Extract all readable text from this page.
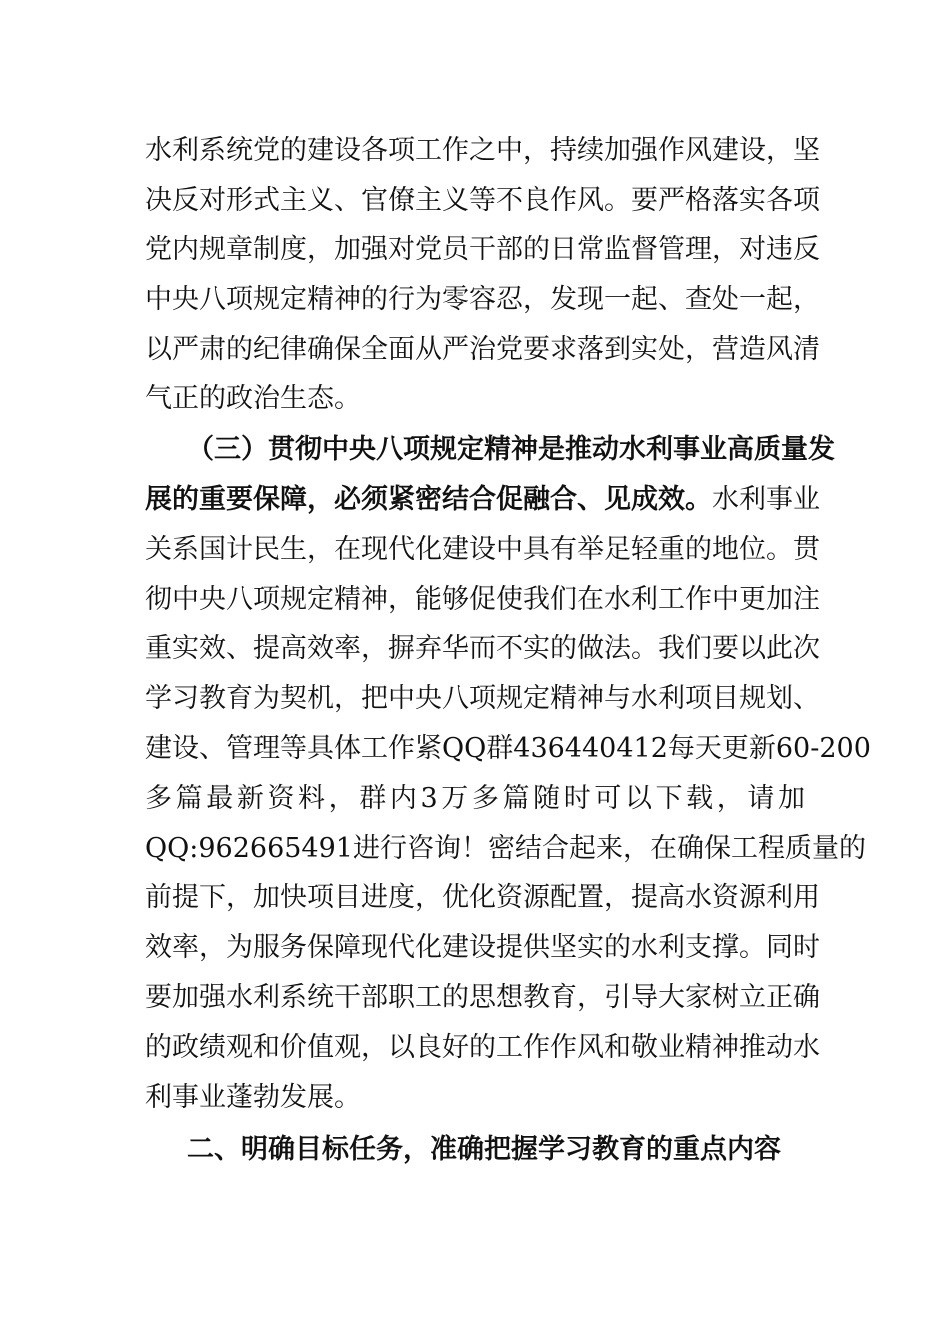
水利系统党的建设各项工作之中，持续加强作风建设，坚
决反对形式主义、官僚主义等不良作风。要严格落实各项
党内规章制度，加强对党员干部的日常监督管理，对违反
中央八项规定精神的行为零容忍，发现一起、查处一起，
以严肃的纪律确保全面从严治党要求落到实处，营造风清
气正的政治生态。
（三）贯彻中央八项规定精神是推动水利事业高质量发
展的重要保障，必须紧密结合促融合、见成效。水利事业
关系国计民生，在现代化建设中具有举足轻重的地位。贯
彻中央八项规定精神，能够促使我们在水利工作中更加注
重实效、提高效率，摒弃华而不实的做法。我们要以此次
学习教育为契机，把中央八项规定精神与水利项目规划、
建设、管理等具体工作紧QQ群436440412每天更新60-200
多篇最新资料，群内3万多篇随时可以下载，请加
QQ:962665491进行咨询！密结合起来，在确保工程质量的
前提下，加快项目进度，优化资源配置，提高水资源利用
效率，为服务保障现代化建设提供坚实的水利支撑。同时
要加强水利系统干部职工的思想教育，引导大家树立正确
的政绩观和价值观，以良好的工作作风和敬业精神推动水
利事业蓬勃发展。
二、明确目标任务，准确把握学习教育的重点内容
